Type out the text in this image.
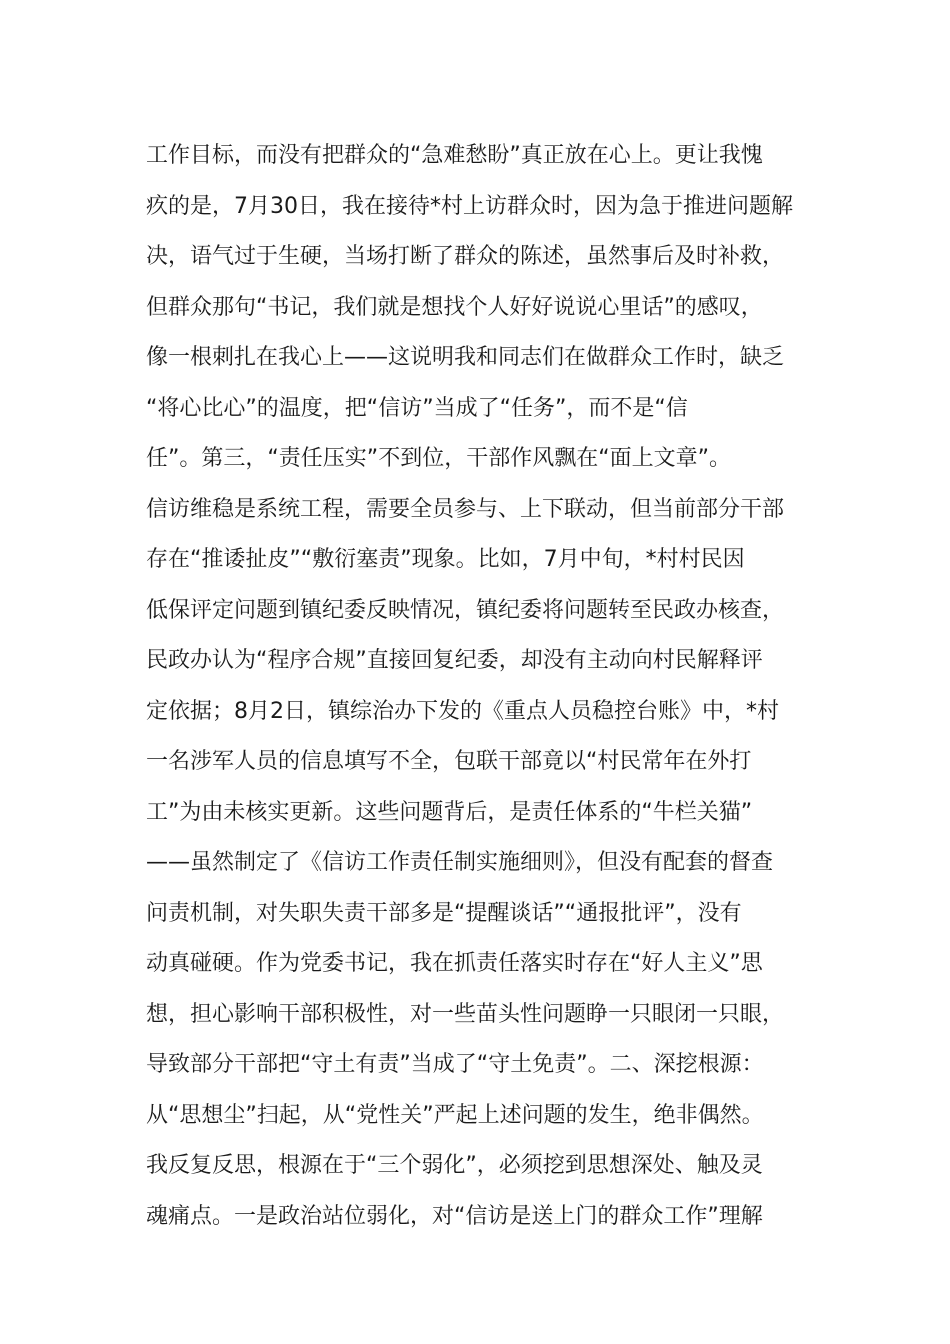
工作目标，而没有把群众的“急难愁盼”真正放在心上。更让我愧
疚的是，7月30日，我在接待*村上访群众时，因为急于推进问题解
决，语气过于生硬，当场打断了群众的陈述，虽然事后及时补救，
但群众那句“书记，我们就是想找个人好好说说心里话”的感叹，
像一根刺扎在我心上——这说明我和同志们在做群众工作时，缺乏
“将心比心”的温度，把“信访”当成了“任务”，而不是“信
任”。第三，“责任压实”不到位，干部作风飘在“面上文章”。
信访维稳是系统工程，需要全员参与、上下联动，但当前部分干部
存在“推诿扯皮”“敷衍塞责”现象。比如，7月中旬，*村村民因
低保评定问题到镇纪委反映情况，镇纪委将问题转至民政办核查，
民政办认为“程序合规”直接回复纪委，却没有主动向村民解释评
定依据；8月2日，镇综治办下发的《重点人员稳控台账》中，*村
一名涉军人员的信息填写不全，包联干部竟以“村民常年在外打
工”为由未核实更新。这些问题背后，是责任体系的“牛栏关猫”
——虽然制定了《信访工作责任制实施细则》，但没有配套的督查
问责机制，对失职失责干部多是“提醒谈话”“通报批评”，没有
动真碰硬。作为党委书记，我在抓责任落实时存在“好人主义”思
想，担心影响干部积极性，对一些苗头性问题睁一只眼闭一只眼，
导致部分干部把“守土有责”当成了“守土免责”。二、深挖根源：
从“思想尘”扫起，从“党性关”严起上述问题的发生，绝非偶然。
我反复反思，根源在于“三个弱化”，必须挖到思想深处、触及灵
魂痛点。一是政治站位弱化，对“信访是送上门的群众工作”理解
